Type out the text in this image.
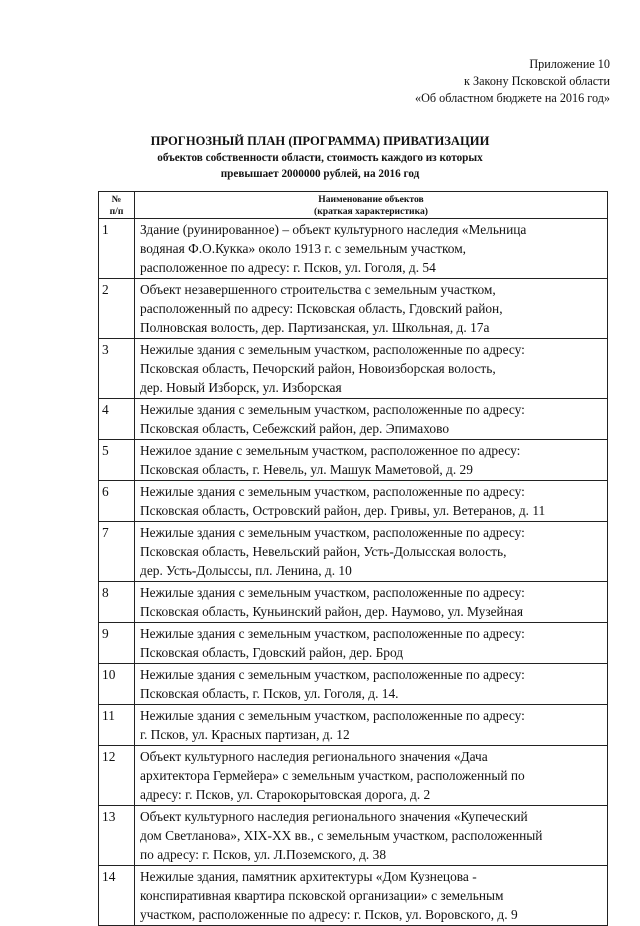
Приложение 10
к Закону Псковской области
«Об областном бюджете на 2016 год»
ПРОГНОЗНЫЙ ПЛАН (ПРОГРАММА) ПРИВАТИЗАЦИИ
объектов собственности области, стоимость каждого из которых
превышает 2000000 рублей, на 2016 год
№
п/п	Наименование объектов
(краткая характеристика)

1	Здание (руинированное) – объект культурного наследия «Мельница
водяная Ф.О.Кукка» около 1913 г. с земельным участком,
расположенное по адресу: г. Псков, ул. Гоголя, д. 54

2	Объект незавершенного строительства с земельным участком,
расположенный по адресу: Псковская область, Гдовский район,
Полновская волость, дер. Партизанская, ул. Школьная, д. 17а

3	Нежилые здания с земельным участком, расположенные по адресу:
Псковская область, Печорский район, Новоизборская волость,
дер. Новый Изборск, ул. Изборская

4	Нежилые здания с земельным участком, расположенные по адресу:
Псковская область, Себежский район, дер. Эпимахово

5	Нежилое здание с земельным участком, расположенное по адресу:
Псковская область, г. Невель, ул. Машук Маметовой, д. 29

6	Нежилые здания с земельным участком, расположенные по адресу:
Псковская область, Островский район, дер. Гривы, ул. Ветеранов, д. 11

7	Нежилые здания с земельным участком, расположенные по адресу:
Псковская область, Невельский район, Усть-Долысская волость,
дер. Усть-Долыссы, пл. Ленина, д. 10

8	Нежилые здания с земельным участком, расположенные по адресу:
Псковская область, Куньинский район, дер. Наумово, ул. Музейная

9	Нежилые здания с земельным участком, расположенные по адресу:
Псковская область, Гдовский район, дер. Брод

10	Нежилые здания с земельным участком, расположенные по адресу:
Псковская область, г. Псков, ул. Гоголя, д. 14.

11	Нежилые здания с земельным участком, расположенные по адресу:
г. Псков, ул. Красных партизан, д. 12

12	Объект культурного наследия регионального значения «Дача
архитектора Гермейера» с земельным участком, расположенный по
адресу: г. Псков, ул. Старокорытовская дорога, д. 2

13	Объект культурного наследия регионального значения «Купеческий
дом Светланова», XIX-XX вв., с земельным участком, расположенный
по адресу: г. Псков, ул. Л.Поземского, д. 38

14	Нежилые здания, памятник архитектуры «Дом Кузнецова -
конспиративная квартира псковской организации» с земельным
участком, расположенные по адресу: г. Псков, ул. Воровского, д. 9
